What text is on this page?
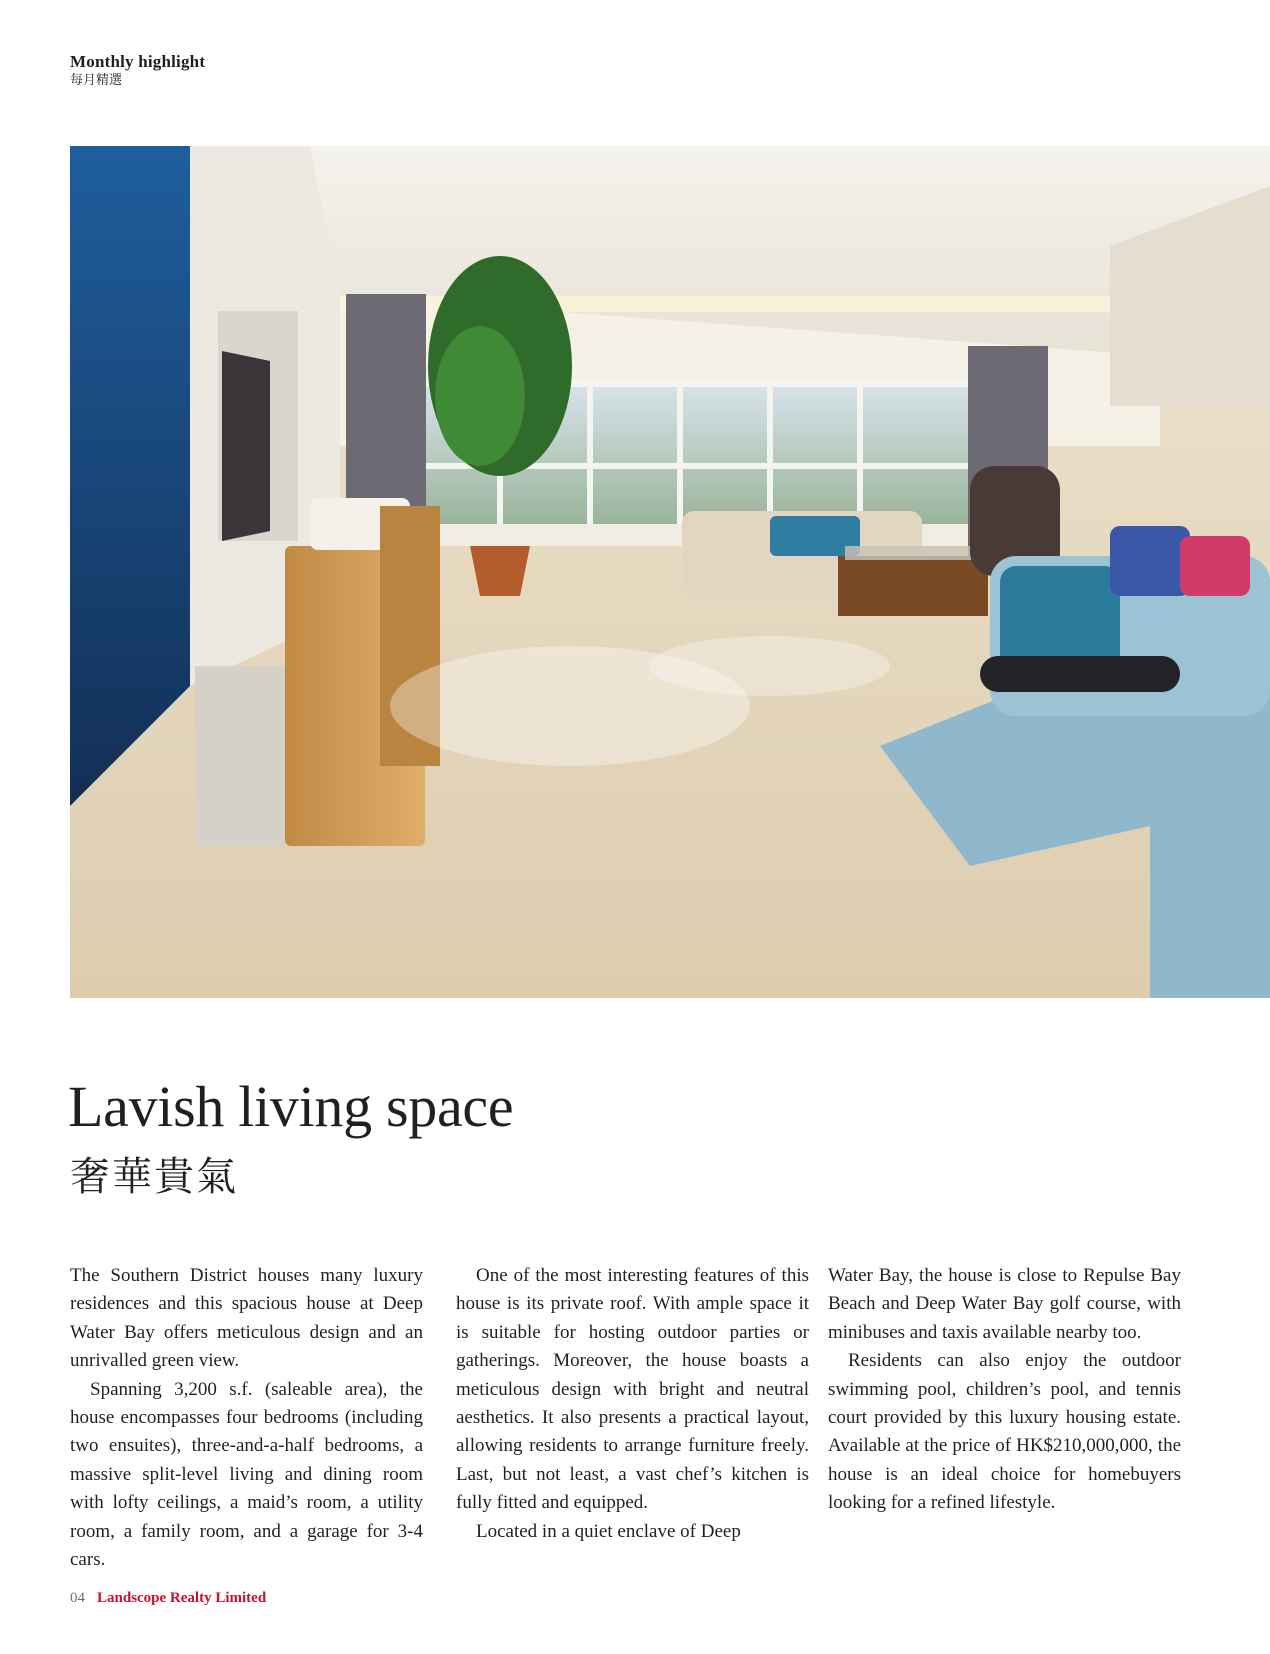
Monthly highlight
每月精選
Lavish living space
奢華貴氣

The Southern District houses many luxury residences and this spacious house at Deep Water Bay offers meticulous design and an unrivalled green view.

Spanning 3,200 s.f. (saleable area), the house encompasses four bedrooms (including two ensuites), three-and-a-half bedrooms, a massive split-level living and dining room with lofty ceilings, a maid’s room, a utility room, a family room, and a garage for 3-4 cars.

One of the most interesting features of this house is its private roof. With ample space it is suitable for hosting outdoor parties or gatherings. Moreover, the house boasts a meticulous design with bright and neutral aesthetics. It also presents a practical layout, allowing residents to arrange furniture freely. Last, but not least, a vast chef’s kitchen is fully fitted and equipped.

Located in a quiet enclave of Deep

Water Bay, the house is close to Repulse Bay Beach and Deep Water Bay golf course, with minibuses and taxis available nearby too.

Residents can also enjoy the outdoor swimming pool, children’s pool, and tennis court provided by this luxury housing estate. Available at the price of HK$210,000,000, the house is an ideal choice for homebuyers looking for a refined lifestyle.

04 Landscope Realty Limited
